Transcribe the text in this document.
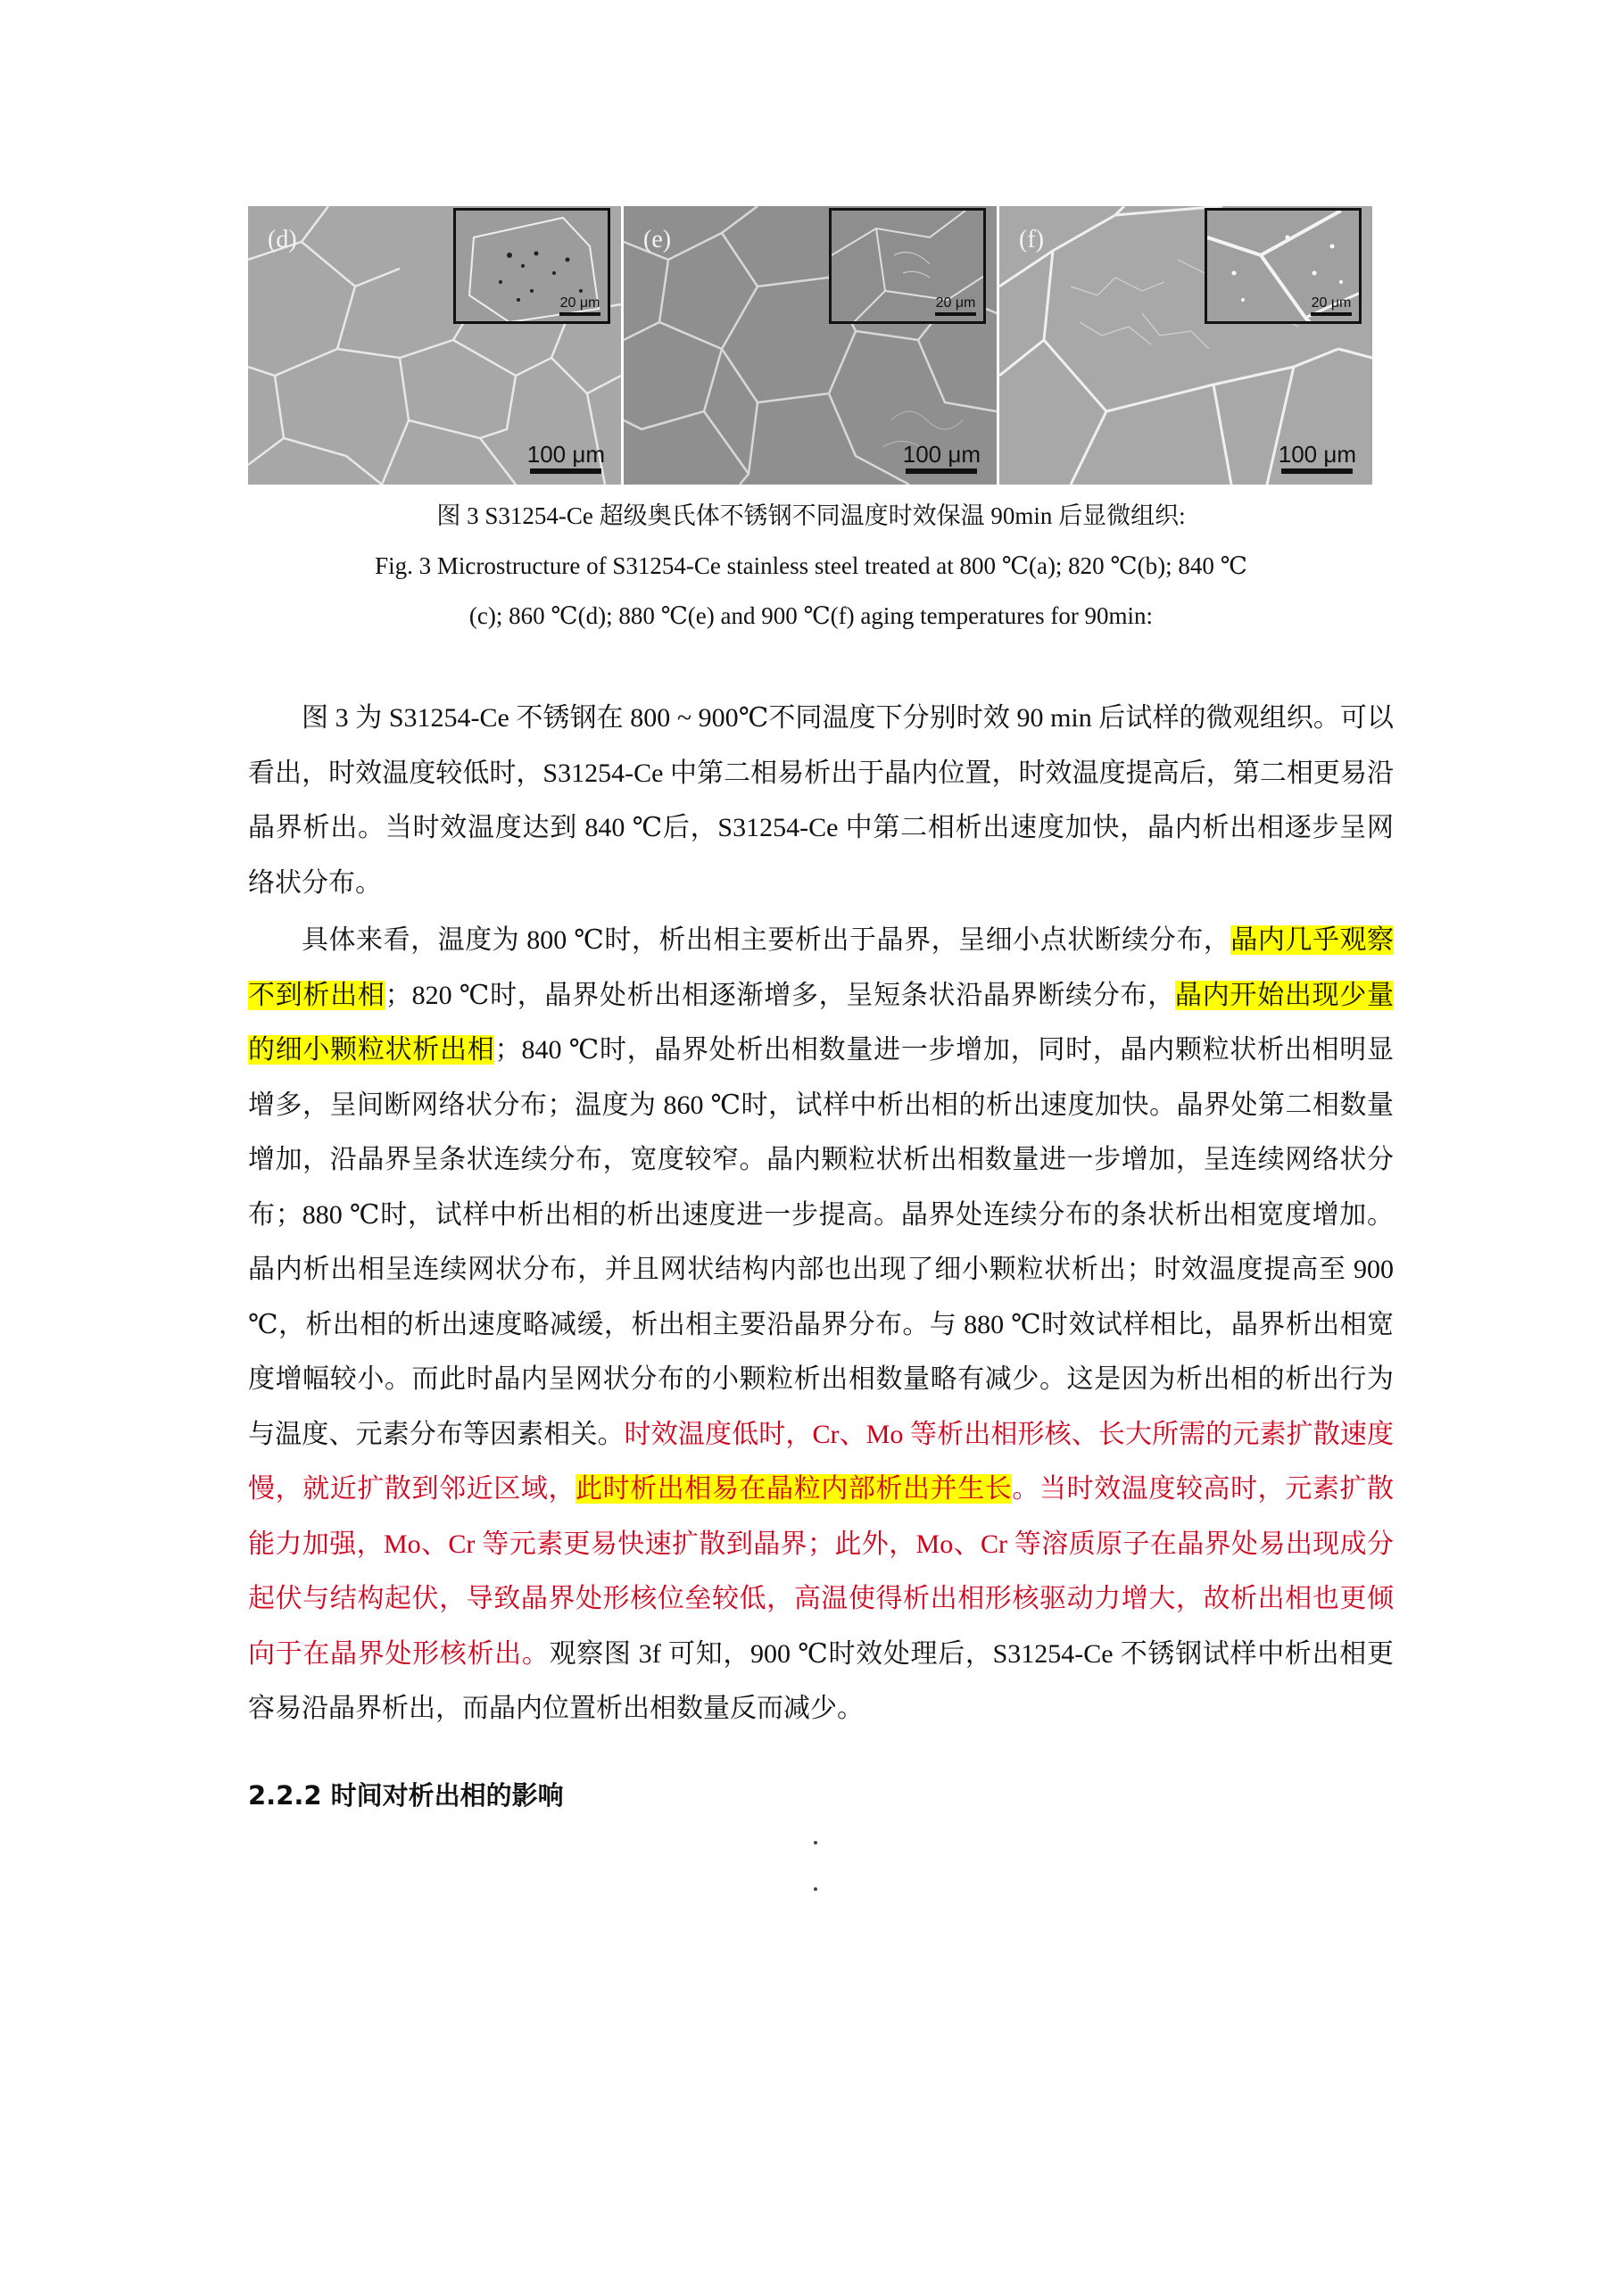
(d)
20 μm
100 μm
(e)
20 μm
100 μm
(f)
20 μm
100 μm
图 3 S31254-Ce 超级奥氏体不锈钢不同温度时效保温 90min 后显微组织:
Fig. 3 Microstructure of S31254-Ce stainless steel treated at 800 ℃(a); 820 ℃(b); 840 ℃
(c); 860 ℃(d); 880 ℃(e) and 900 ℃(f) aging temperatures for 90min:

图 3 为 S31254-Ce 不锈钢在 800 ~ 900℃不同温度下分别时效 90 min 后试样的微观组织。可以看出，时效温度较低时，S31254-Ce 中第二相易析出于晶内位置，时效温度提高后，第二相更易沿晶界析出。当时效温度达到 840 ℃后，S31254-Ce 中第二相析出速度加快，晶内析出相逐步呈网络状分布。

具体来看，温度为 800 ℃时，析出相主要析出于晶界，呈细小点状断续分布，晶内几乎观察不到析出相；820 ℃时，晶界处析出相逐渐增多，呈短条状沿晶界断续分布，晶内开始出现少量的细小颗粒状析出相；840 ℃时，晶界处析出相数量进一步增加，同时，晶内颗粒状析出相明显增多，呈间断网络状分布；温度为 860 ℃时，试样中析出相的析出速度加快。晶界处第二相数量增加，沿晶界呈条状连续分布，宽度较窄。晶内颗粒状析出相数量进一步增加，呈连续网络状分布；880 ℃时，试样中析出相的析出速度进一步提高。晶界处连续分布的条状析出相宽度增加。晶内析出相呈连续网状分布，并且网状结构内部也出现了细小颗粒状析出；时效温度提高至 900 ℃，析出相的析出速度略减缓，析出相主要沿晶界分布。与 880 ℃时效试样相比，晶界析出相宽度增幅较小。而此时晶内呈网状分布的小颗粒析出相数量略有减少。这是因为析出相的析出行为与温度、元素分布等因素相关。时效温度低时，Cr、Mo 等析出相形核、长大所需的元素扩散速度慢，就近扩散到邻近区域，此时析出相易在晶粒内部析出并生长。当时效温度较高时，元素扩散能力加强，Mo、Cr 等元素更易快速扩散到晶界；此外，Mo、Cr 等溶质原子在晶界处易出现成分起伏与结构起伏，导致晶界处形核位垒较低，高温使得析出相形核驱动力增大，故析出相也更倾向于在晶界处形核析出。观察图 3f 可知，900 ℃时效处理后，S31254-Ce 不锈钢试样中析出相更容易沿晶界析出，而晶内位置析出相数量反而减少。

2.2.2 时间对析出相的影响
